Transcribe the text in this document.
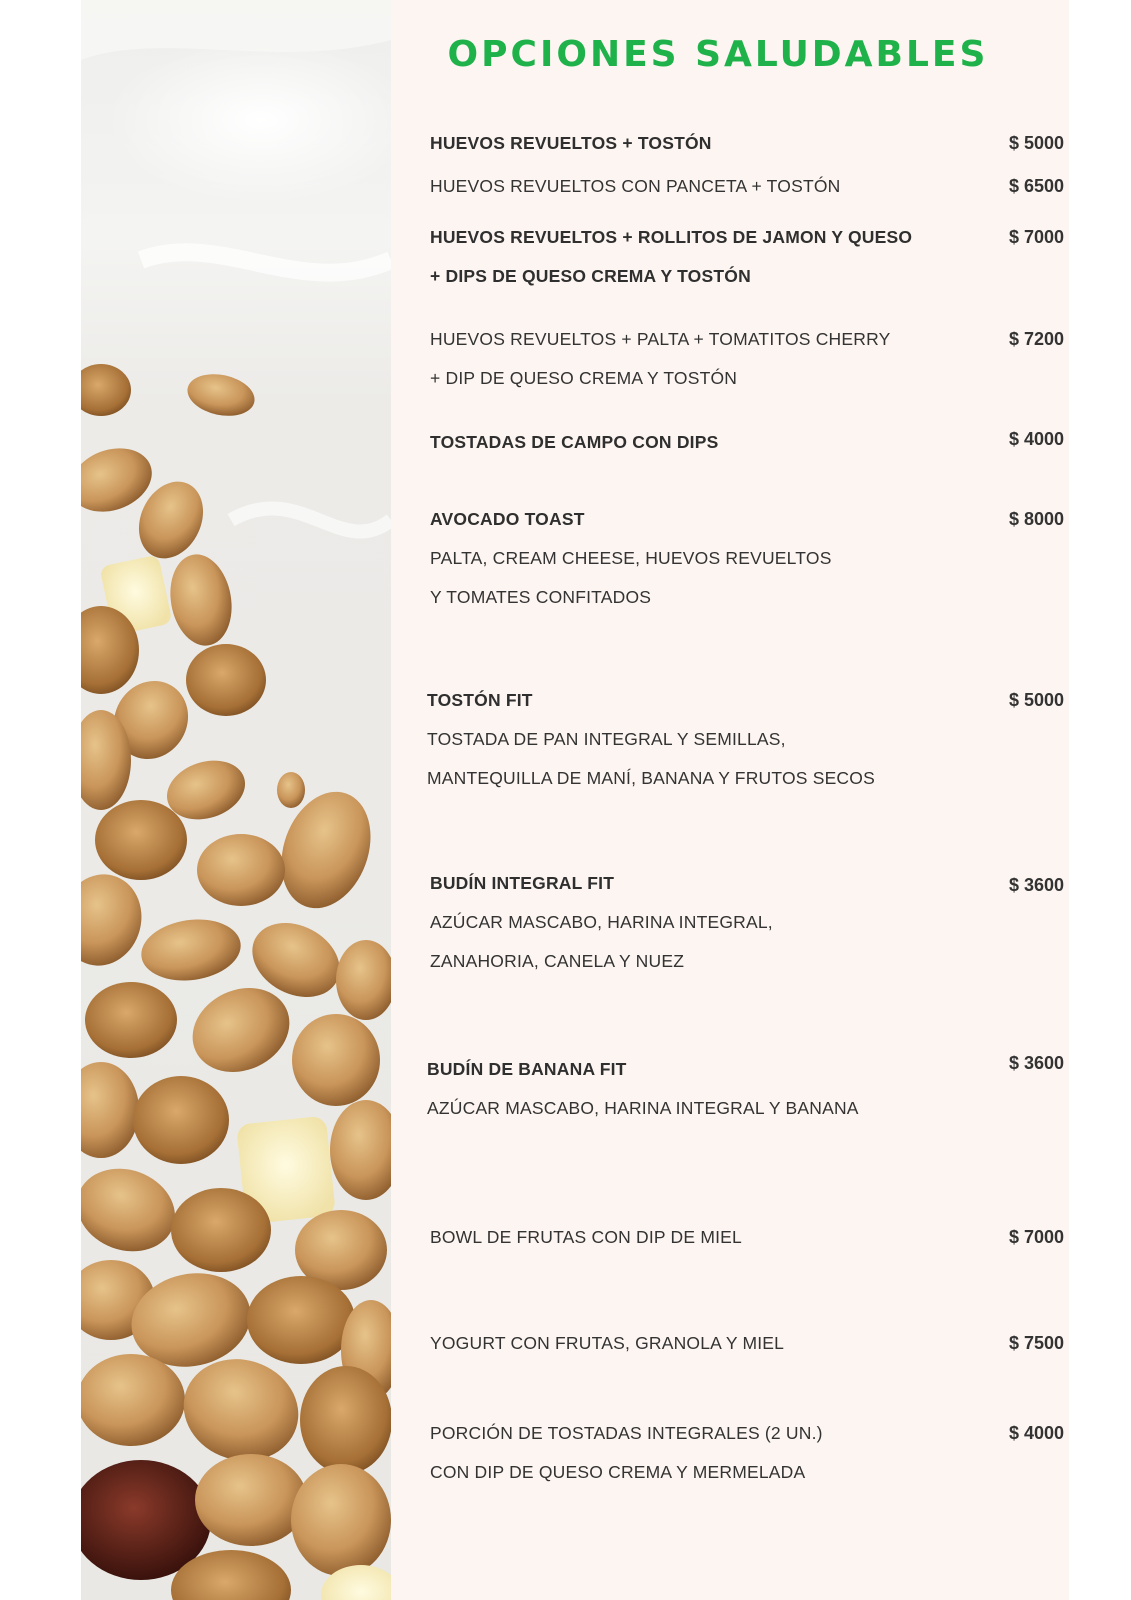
OPCIONES SALUDABLES
HUEVOS REVUELTOS + TOSTÓN	$ 5000
HUEVOS REVUELTOS CON PANCETA + TOSTÓN	$ 6500
HUEVOS REVUELTOS + ROLLITOS DE JAMON Y QUESO
+ DIPS DE QUESO CREMA Y TOSTÓN
$ 7000
HUEVOS REVUELTOS + PALTA + TOMATITOS CHERRY
+ DIP DE QUESO CREMA Y TOSTÓN
$ 7200
TOSTADAS DE CAMPO CON DIPS	$ 4000
AVOCADO TOAST
PALTA, CREAM CHEESE, HUEVOS REVUELTOS
Y TOMATES CONFITADOS
$ 8000
TOSTÓN FIT
TOSTADA DE PAN INTEGRAL Y SEMILLAS,
MANTEQUILLA DE MANÍ, BANANA Y FRUTOS SECOS
$ 5000
BUDÍN INTEGRAL FIT
AZÚCAR MASCABO, HARINA INTEGRAL,
ZANAHORIA, CANELA Y NUEZ
$ 3600
BUDÍN DE BANANA FIT
AZÚCAR MASCABO, HARINA INTEGRAL Y BANANA
$ 3600
BOWL DE FRUTAS CON DIP DE MIEL	$ 7000
YOGURT CON FRUTAS, GRANOLA Y MIEL	$ 7500
PORCIÓN DE TOSTADAS INTEGRALES (2 UN.)
CON DIP DE QUESO CREMA Y MERMELADA
$ 4000
